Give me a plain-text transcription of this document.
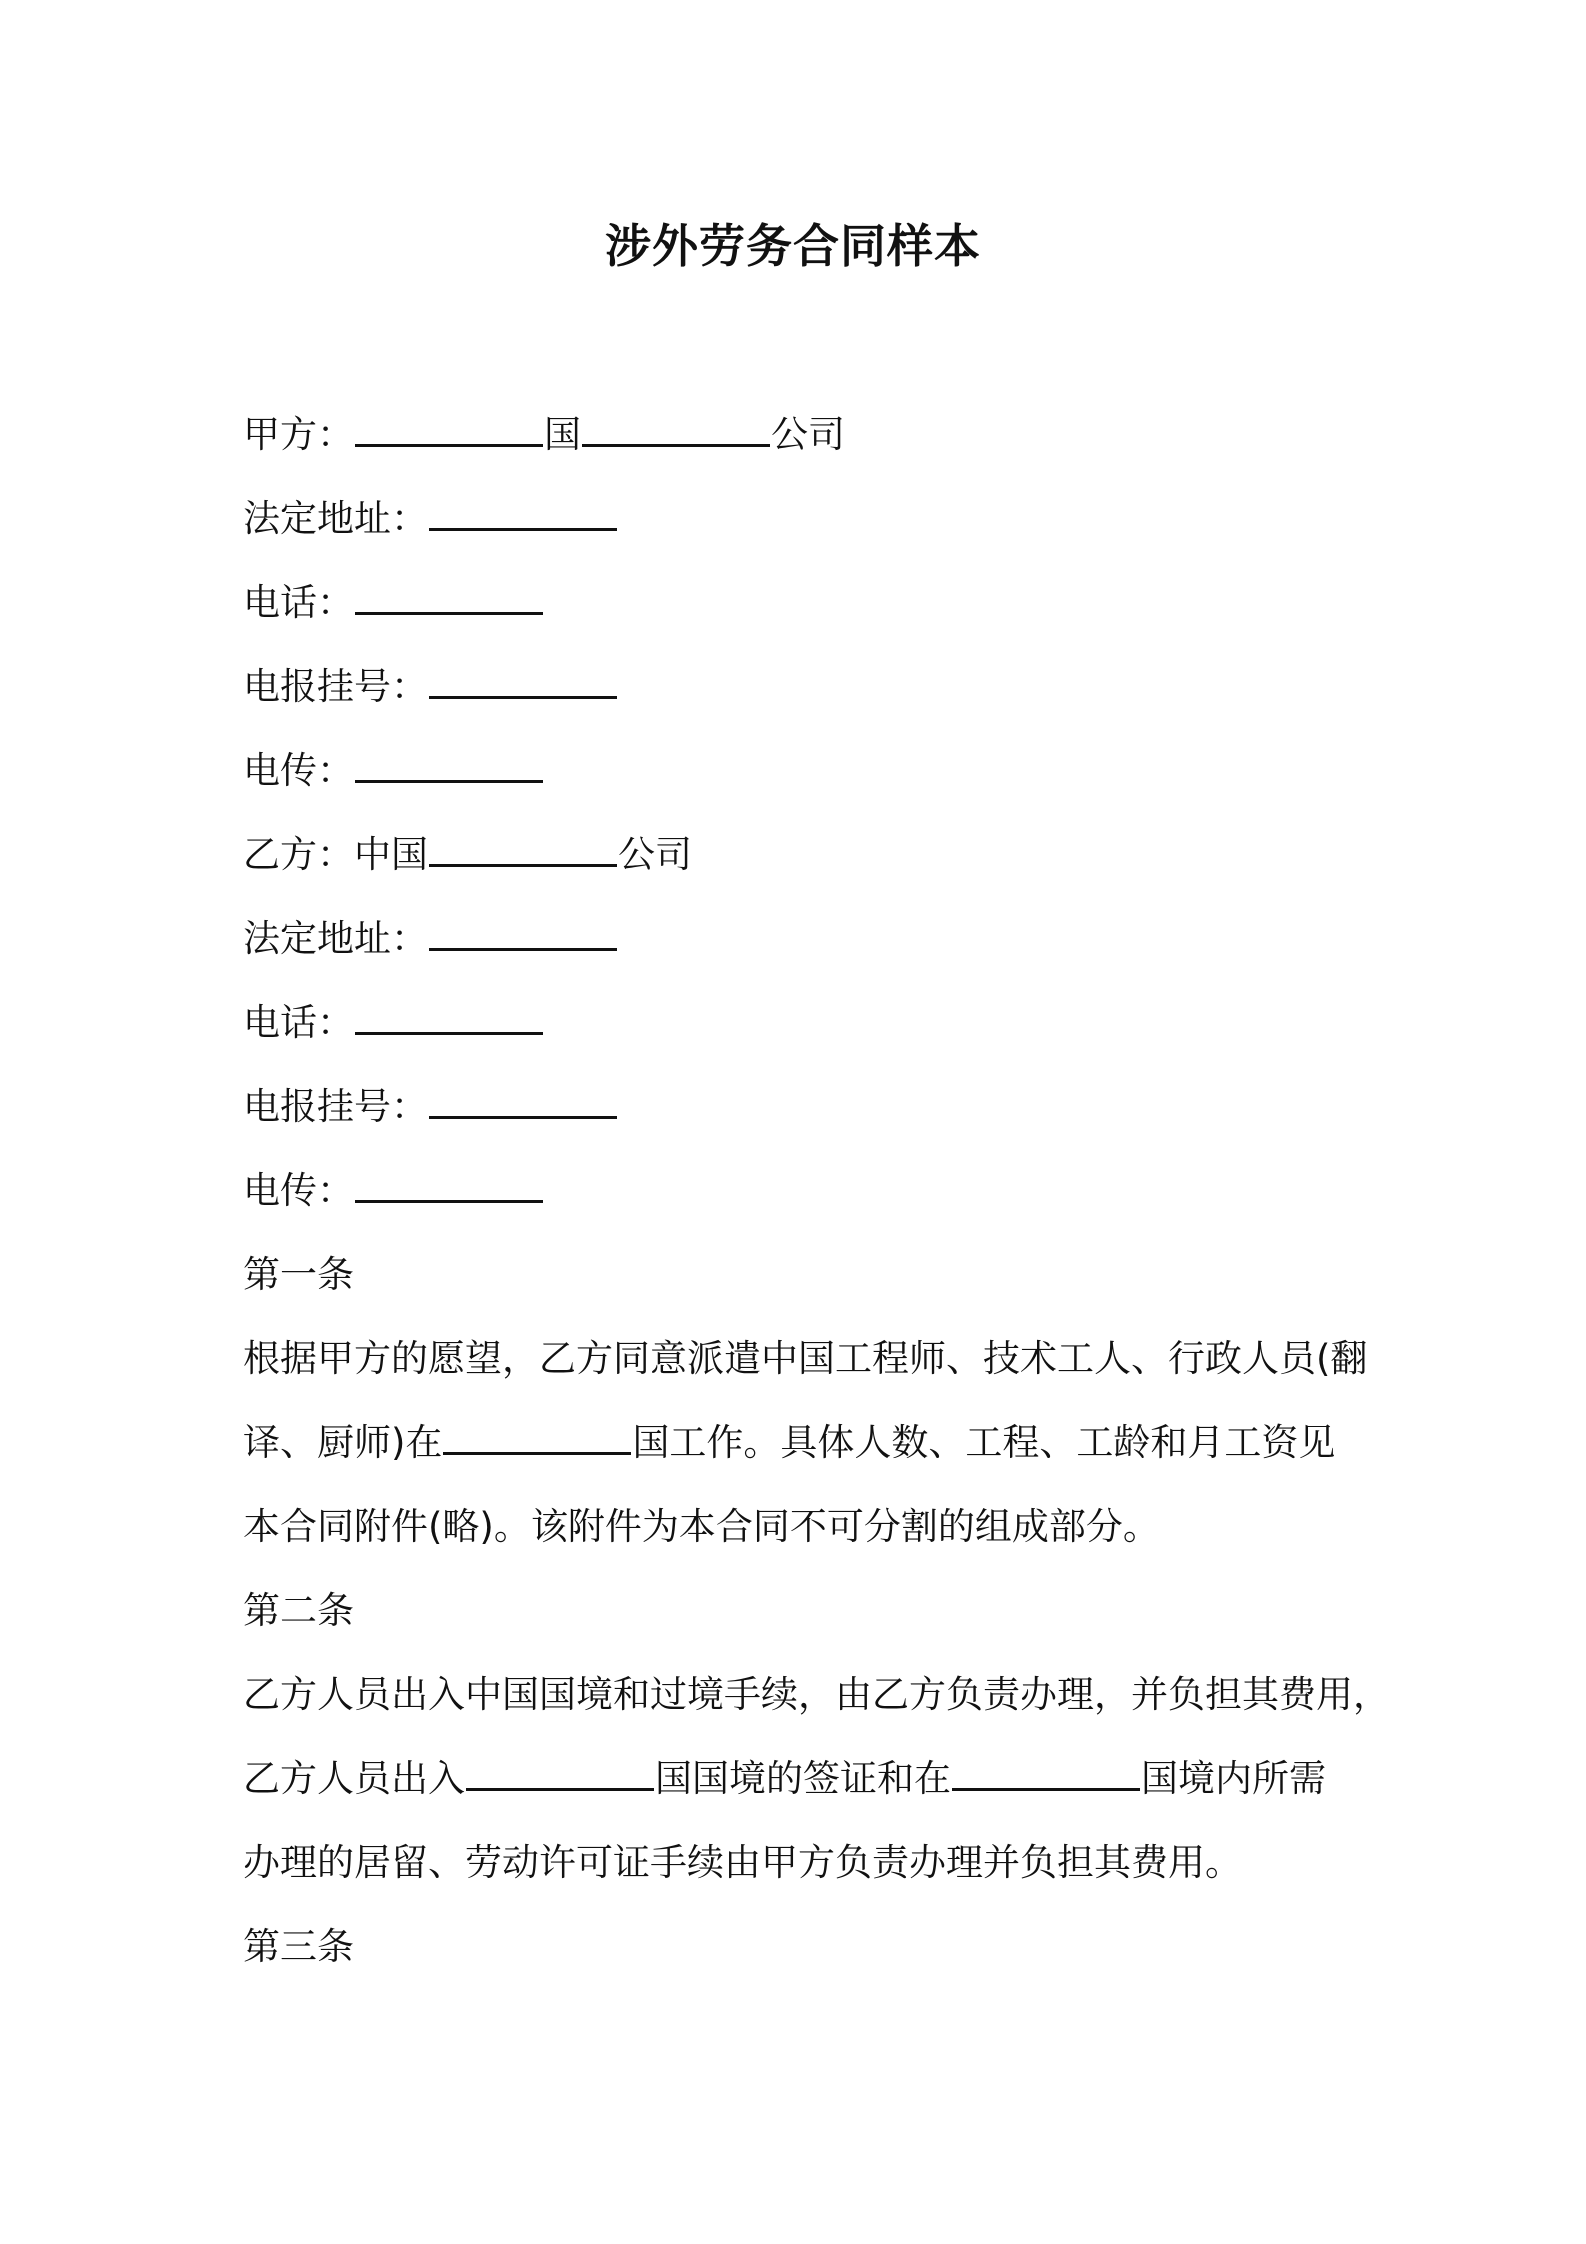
涉外劳务合同样本
甲方：	国	公司
法定地址：
电话：
电报挂号：
电传：
乙方：中国	公司
法定地址：
电话：
电报挂号：
电传：
第一条
根据甲方的愿望，乙方同意派遣中国工程师、技术工人、行政人员(翻
译、厨师)在	国工作。具体人数、工程、工龄和月工资见
本合同附件(略)。该附件为本合同不可分割的组成部分。
第二条
乙方人员出入中国国境和过境手续，由乙方负责办理，并负担其费用，
乙方人员出入	国国境的签证和在	国境内所需
办理的居留、劳动许可证手续由甲方负责办理并负担其费用。
第三条
